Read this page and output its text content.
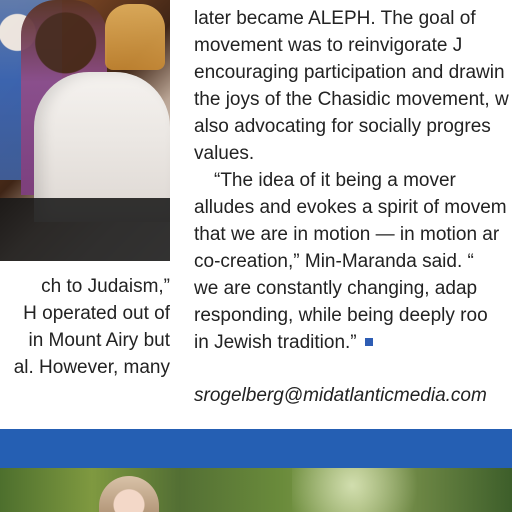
ch to Judaism,”
H operated out of
in Mount Airy but
al. However, many
later became ALEPH. The goal of
movement was to reinvigorate J
encouraging participation and drawin
the joys of the Chasidic movement, w
also advocating for socially progres
values.
“The idea of it being a mover
alludes and evokes a spirit of movem
that we are in motion — in motion ar
co-creation,” Min-Maranda said. “
we are constantly changing, adap
responding, while being deeply roo
in Jewish tradition.”
srogelberg@midatlanticmedia.com
